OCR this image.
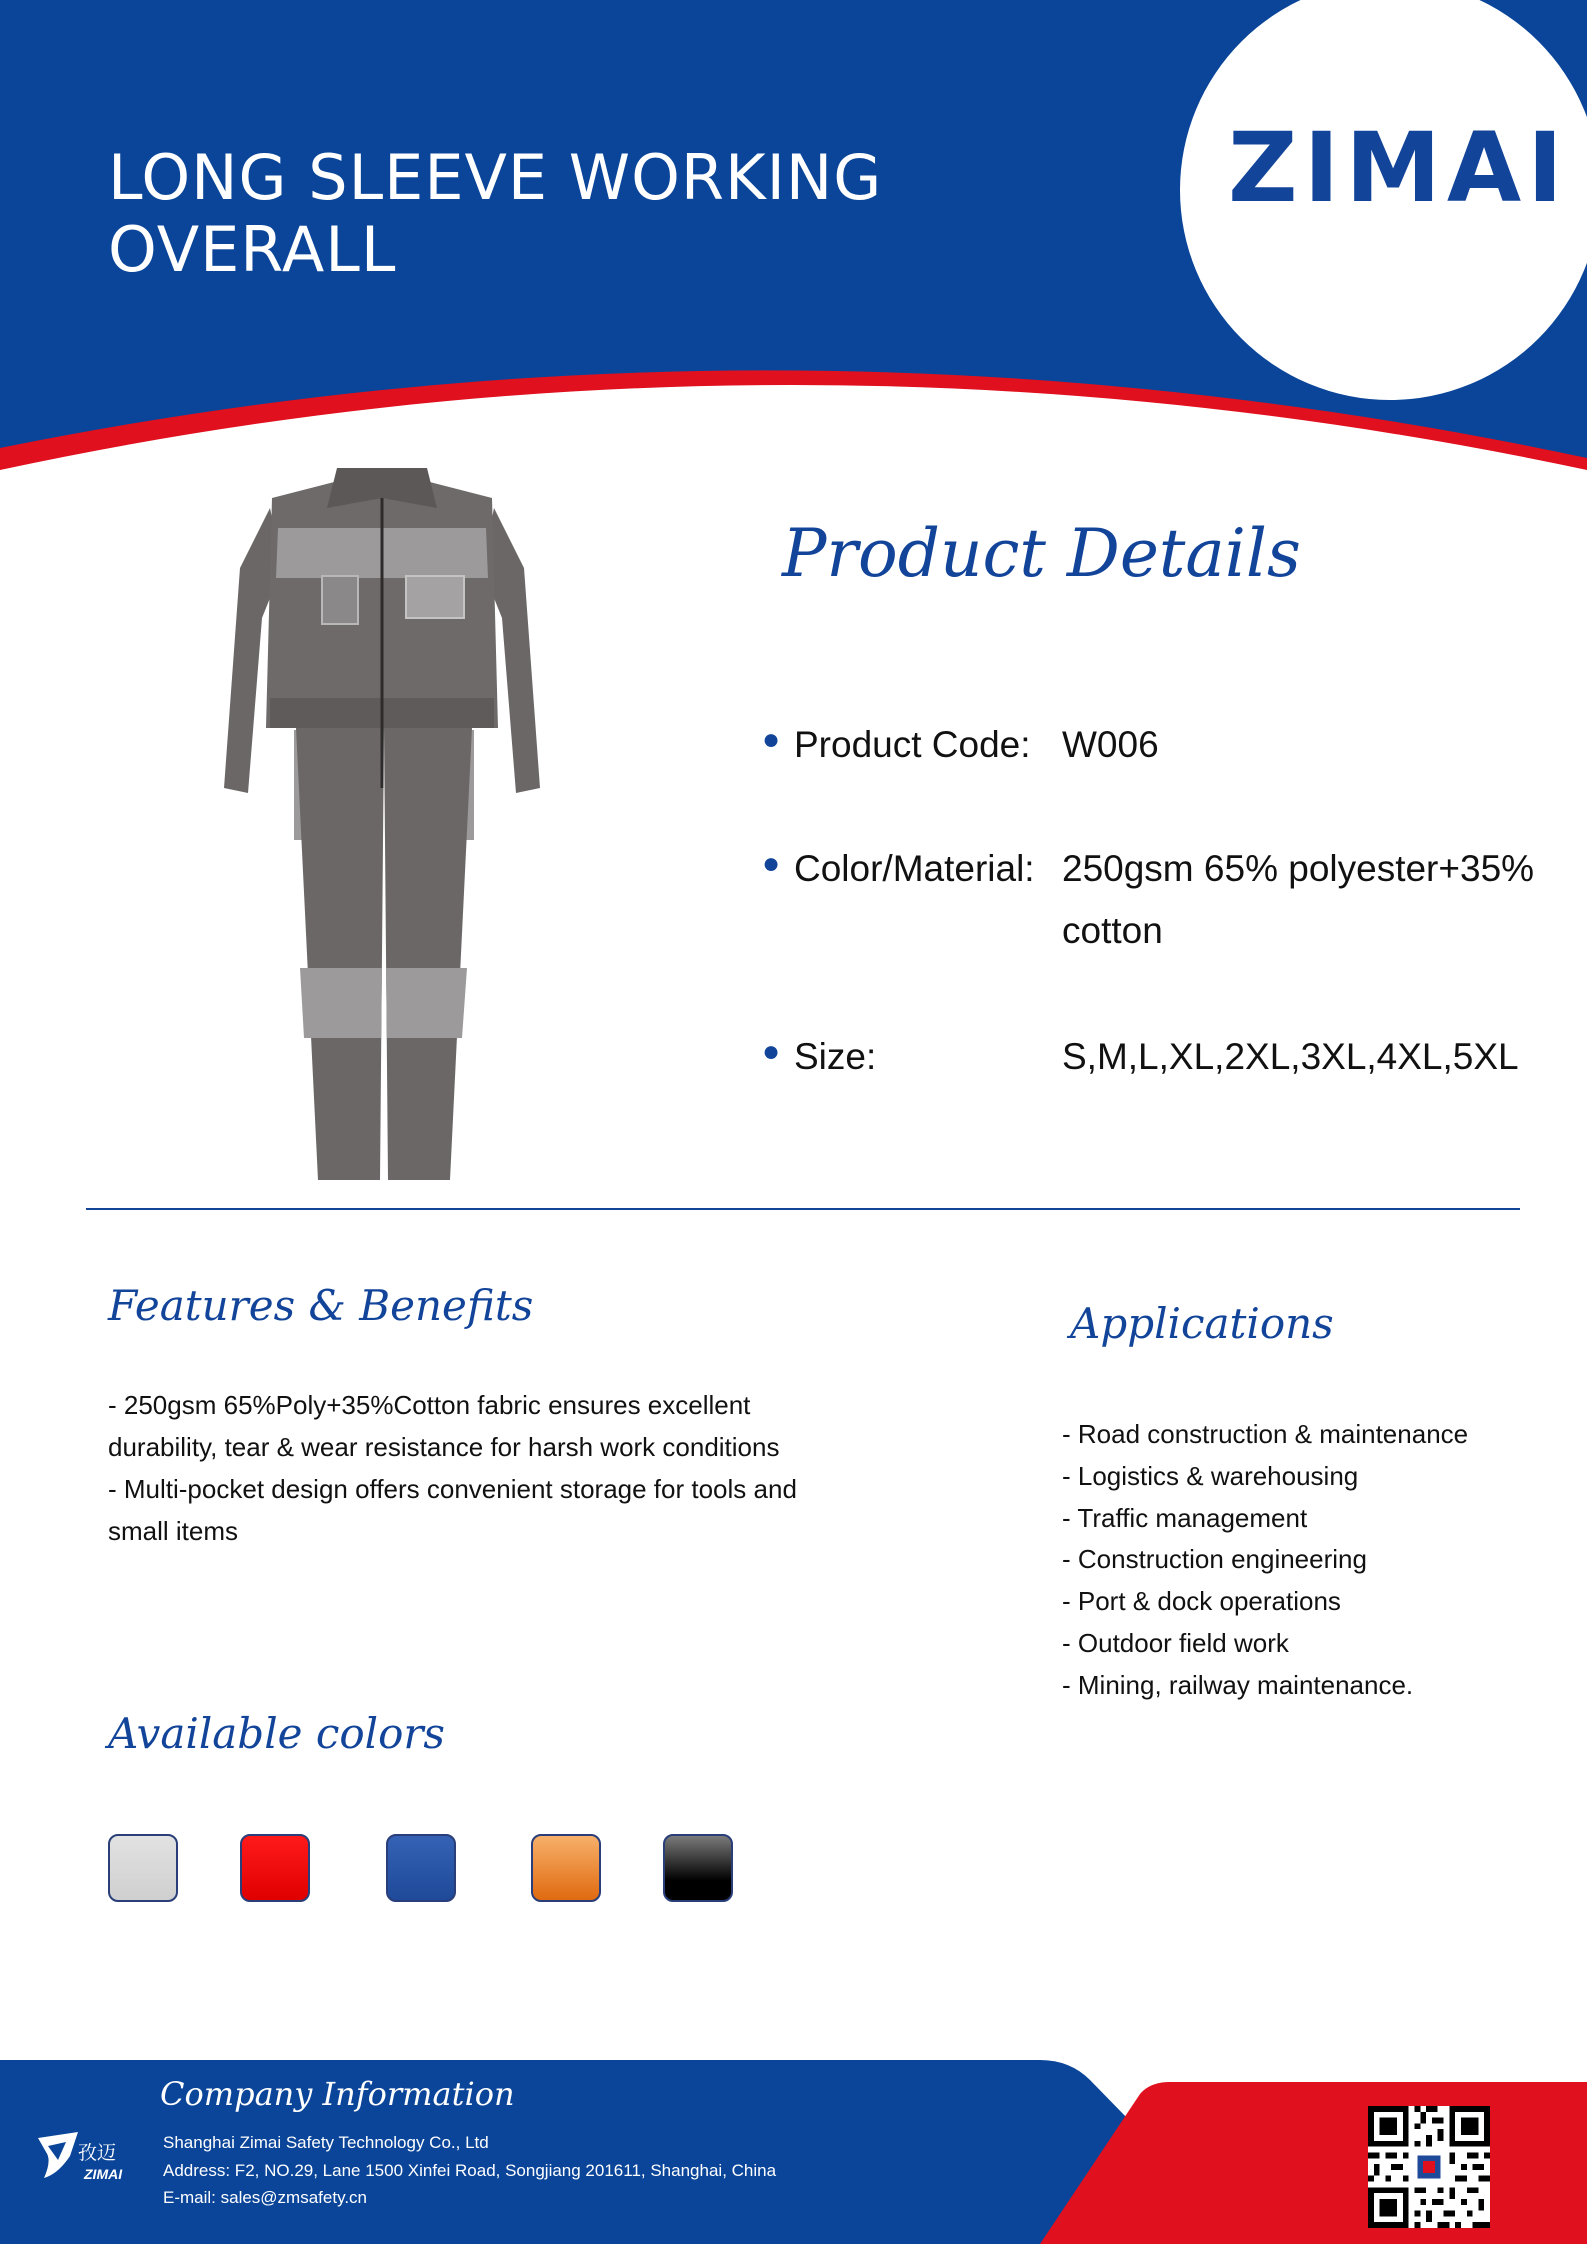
LONG SLEEVE WORKING OVERALL
ZIMAI
Product Details
● Product Code: W006
● Color/Material: 250gsm 65% polyester+35% cotton
● Size:	S,M,L,XL,2XL,3XL,4XL,5XL
Features & Benefits
- 250gsm 65%Poly+35%Cotton fabric ensures excellent
durability, tear & wear resistance for harsh work conditions
- Multi-pocket design offers convenient storage for tools and
small items
Applications
- Road construction & maintenance
- Logistics & warehousing
- Traffic management
- Construction engineering
- Port & dock operations
- Outdoor field work
- Mining, railway maintenance.
Available colors
孜迈
ZIMAI
Company Information
Shanghai Zimai Safety Technology Co., Ltd
Address: F2, NO.29, Lane 1500 Xinfei Road, Songjiang 201611, Shanghai, China
E-mail: sales@zmsafety.cn
